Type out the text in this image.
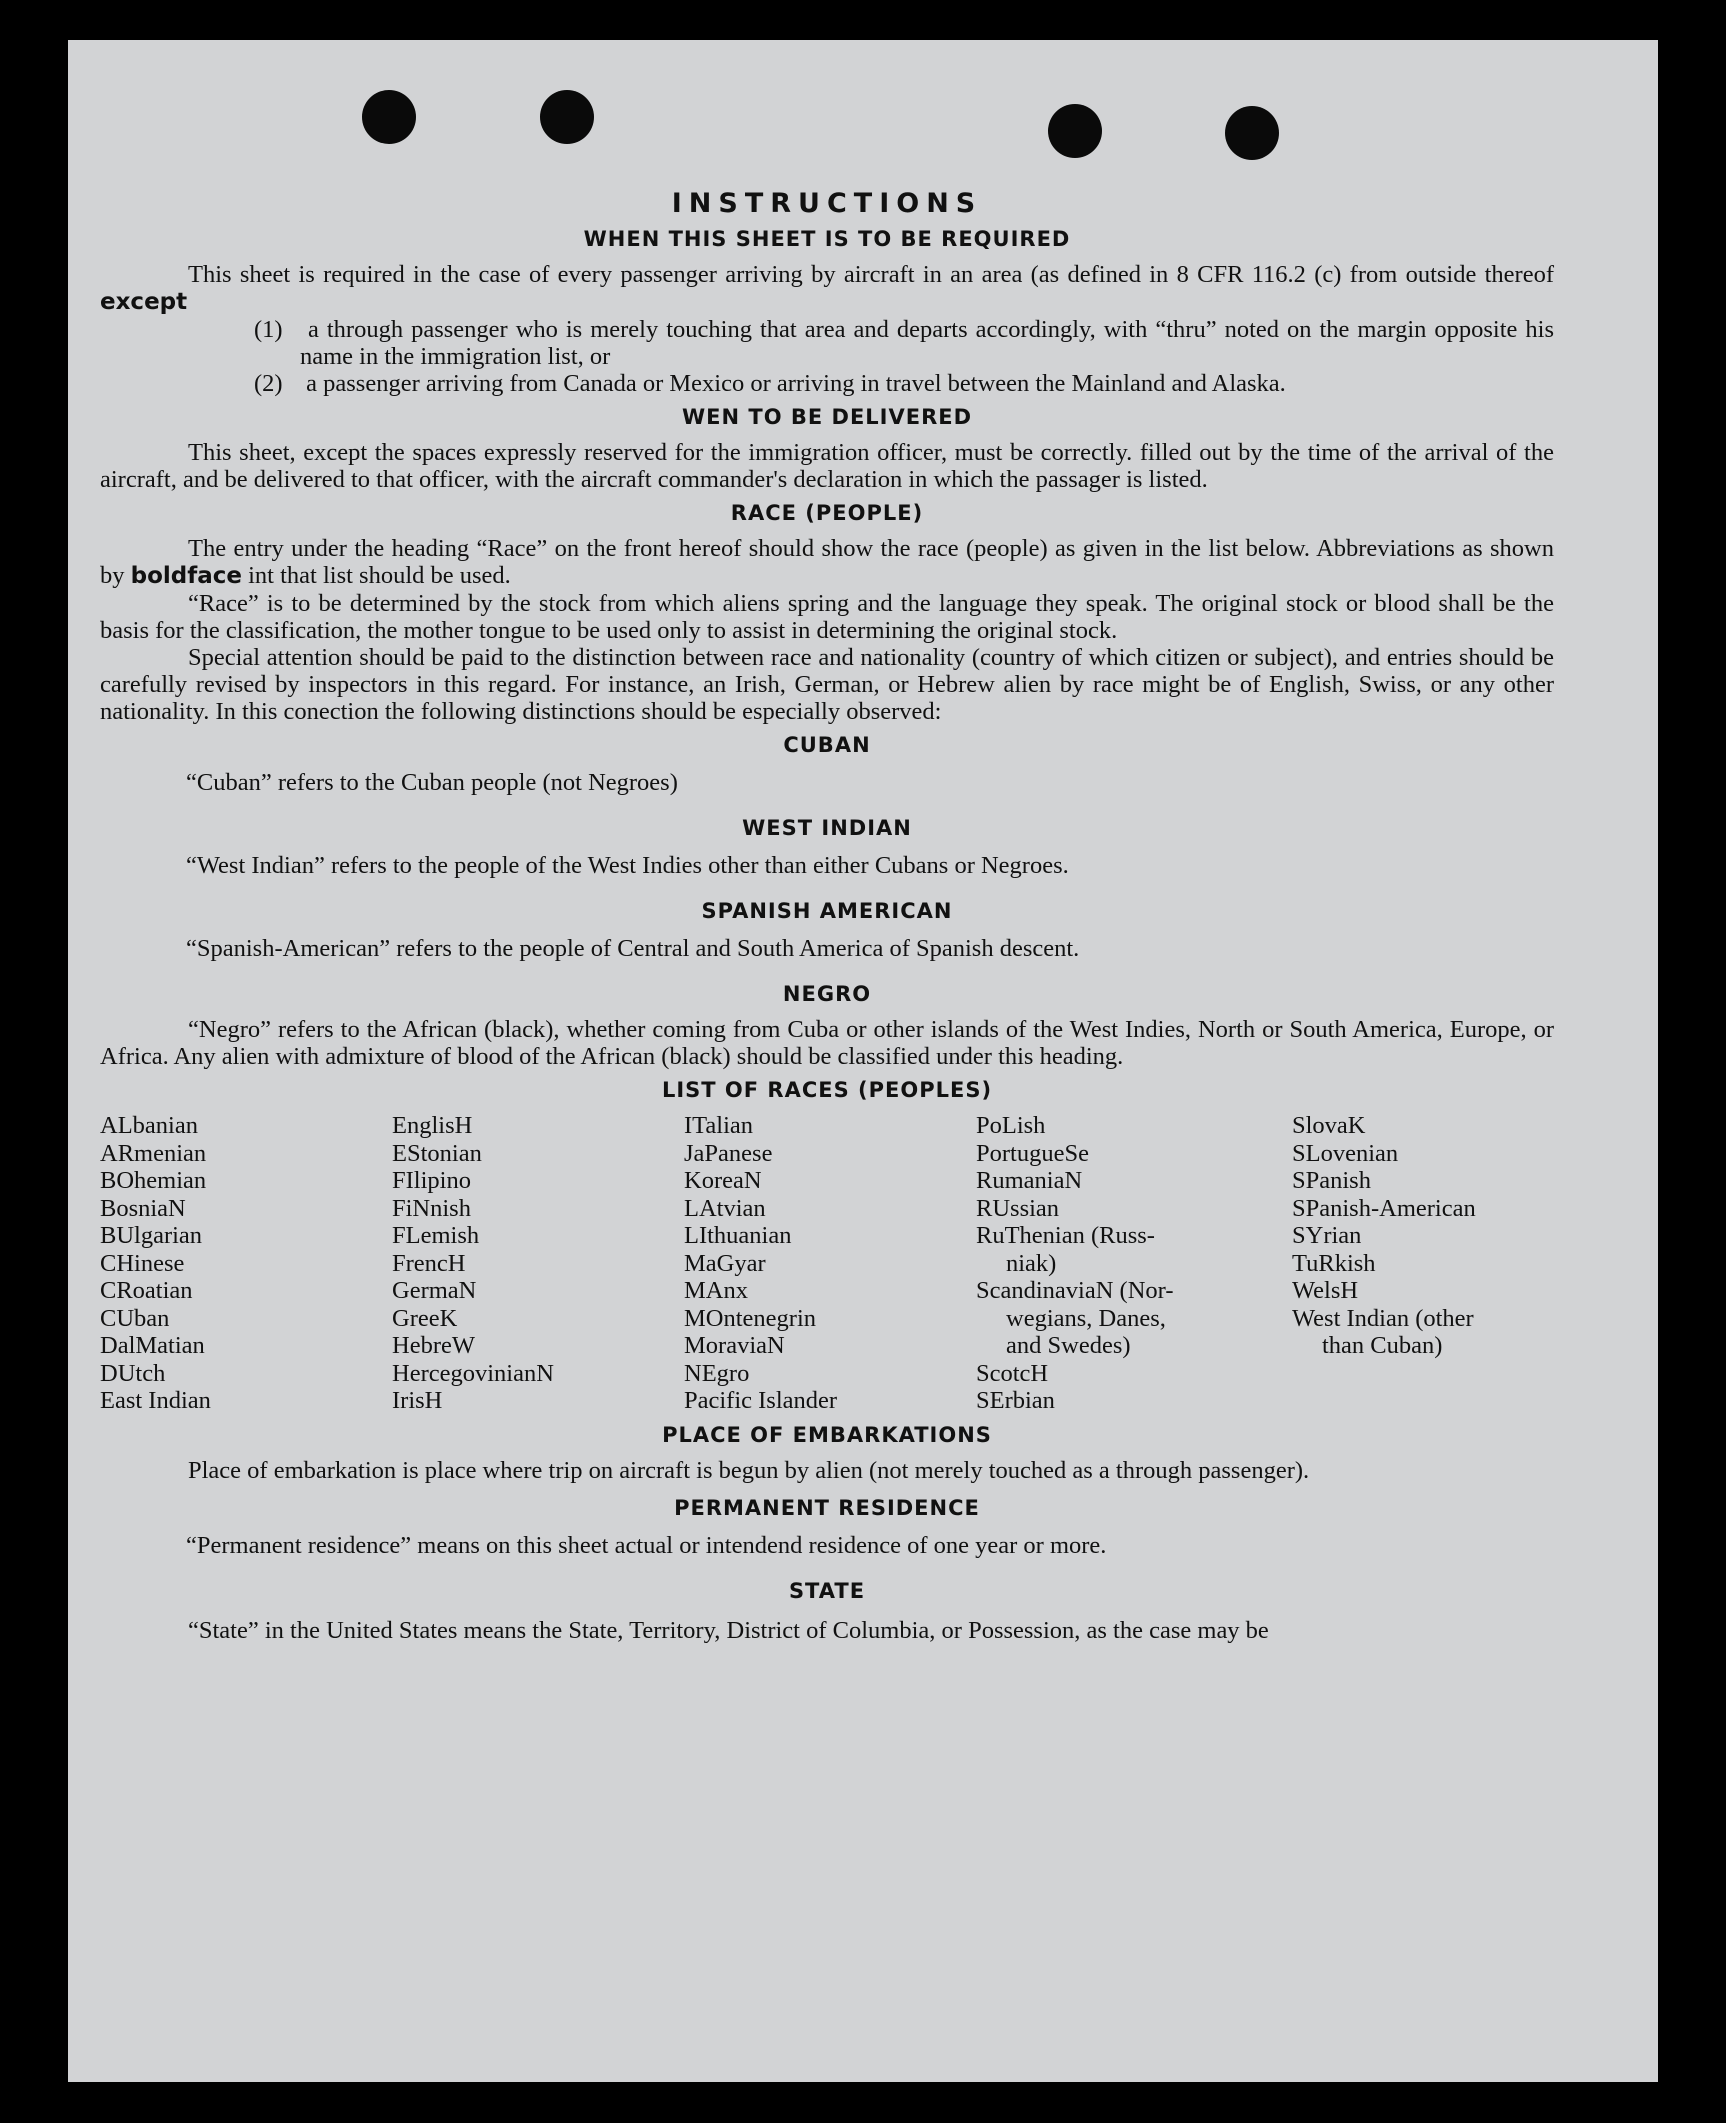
INSTRUCTIONS
WHEN THIS SHEET IS TO BE REQUIRED

This sheet is required in the case of every passenger arriving by aircraft in an area (as defined in 8 CFR 116.2 (c) from outside thereof except

(1) a through passenger who is merely touching that area and departs accordingly, with “thru” noted on the margin opposite his name in the immigration list, or
(2) a passenger arriving from Canada or Mexico or arriving in travel between the Mainland and Alaska.
WEN TO BE DELIVERED

This sheet, except the spaces expressly reserved for the immigration officer, must be correctly. filled out by the time of the arrival of the aircraft, and be delivered to that officer, with the aircraft commander's declaration in which the passager is listed.

RACE (PEOPLE)

The entry under the heading “Race” on the front hereof should show the race (people) as given in the list below. Abbreviations as shown by boldface int that list should be used.

“Race” is to be determined by the stock from which aliens spring and the language they speak. The original stock or blood shall be the basis for the classification, the mother tongue to be used only to assist in determining the original stock.

Special attention should be paid to the distinction between race and nationality (country of which citizen or subject), and entries should be carefully revised by inspectors in this regard. For instance, an Irish, German, or Hebrew alien by race might be of English, Swiss, or any other nationality. In this conection the following distinctions should be especially observed:

CUBAN

“Cuban” refers to the Cuban people (not Negroes)

WEST INDIAN

“West Indian” refers to the people of the West Indies other than either Cubans or Negroes.

SPANISH AMERICAN

“Spanish-American” refers to the people of Central and South America of Spanish descent.

NEGRO

“Negro” refers to the African (black), whether coming from Cuba or other islands of the West Indies, North or South America, Europe, or Africa. Any alien with admixture of blood of the African (black) should be classified under this heading.

LIST OF RACES (PEOPLES)
ALbanian
ARmenian
BOhemian
BosniaN
BUlgarian
CHinese
CRoatian
CUban
DalMatian
DUtch
East Indian
EnglisH
EStonian
FIlipino
FiNnish
FLemish
FrencH
GermaN
GreeK
HebreW
HercegovinianN
IrisH
ITalian
JaPanese
KoreaN
LAtvian
LIthuanian
MaGyar
MAnx
MOntenegrin
MoraviaN
NEgro
Pacific Islander
PoLish
PortugueSe
RumaniaN
RUssian
RuThenian (Russ-
niak)
ScandinaviaN (Nor-
wegians, Danes,
and Swedes)
ScotcH
SErbian
SlovaK
SLovenian
SPanish
SPanish-American
SYrian
TuRkish
WelsH
West Indian (other
than Cuban)
PLACE OF EMBARKATIONS

Place of embarkation is place where trip on aircraft is begun by alien (not merely touched as a through passenger).

PERMANENT RESIDENCE

“Permanent residence” means on this sheet actual or intendend residence of one year or more.

STATE

“State” in the United States means the State, Territory, District of Columbia, or Possession, as the case may be
